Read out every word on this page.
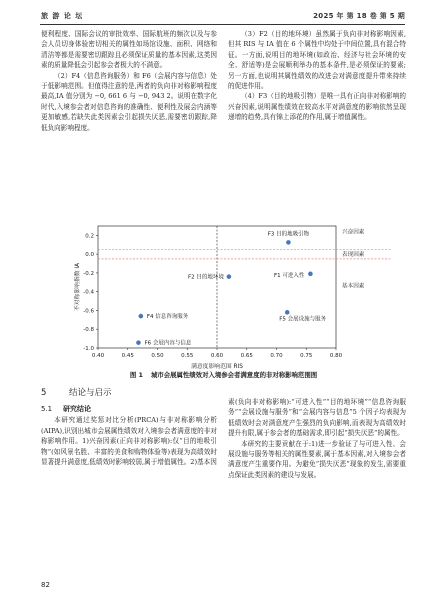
旅 游 论 坛	2025 年 第 18 卷 第 5 期

便利程度、国际会议的审批效率、国际航班的频次以及与参会人员切身体验密切相关的属性如场馆设施、面积、网络和清洁等都是需要密切跟踪且必须保证质量的基本因素,这类因素的质量降低会引起参会者极大的不满意。

（2）F4（信息咨询服务）和 F6（会展内容与信息）处于低影响范围。但值得注意的是,两者的负向非对称影响程度最高,IA 值分别为 −0, 661 6 与 −0, 943 2。说明在数字化时代,入境参会者对信息咨询的准确性、便利性及展会内涵等更加敏感,若缺失此类因素会引起损失厌恶,需要密切跟踪,降低负向影响程度。

（3）F2（目的地环境）虽然属于负向非对称影响因素,但其 RIS 与 IA 值在 6 个属性中均处于中间位置,具有混合特征。一方面,说明目的地环境(如政治、经济与社会环境的安全、舒适等)是会展顺利举办的基本条件,是必须保证的要素;另一方面,也说明其属性绩效的改进会对满意度提升带来持续的促进作用。

（4）F3（目的地吸引物）是唯一具有正向非对称影响的兴奋因素,说明属性绩效在较高水平对满意度的影响依然呈现递增的趋势,具有锦上添花的作用,属于增值属性。

兴奋因素
表现因素
基本因素
0.40	0.45	0.50	0.55	0.60	0.65	0.70	0.75	0.80
0.2
0.0
-0.2
-0.4
-0.6
-0.8
-1.0
满意度影响范围 RIS
不对称影响指数 IA	F1 可进入性
F2 目的地环境
F3 目的地吸引物
F4 信息咨询服务	F5 会展设施与服务
F6 会展内容与信息
图 1 城市会展属性绩效对入境参会者满意度的非对称影响范围图
5	结论与启示
5.1 研究结论

本研究通过奖惩对比分析(PRCA)与非对称影响分析(AIPA),识别出城市会展属性绩效对入境参会者满意度的非对称影响作用。1)兴奋因素(正向非对称影响):仅“目的地吸引物”(如风景名胜、丰富的美食和购物体验等)表现为高绩效时显著提升满意度,低绩效时影响较弱,属于增值属性。2)基本因

素(负向非对称影响):“可进入性”“目的地环境”“信息咨询服务”“会展设施与服务”和“会展内容与信息”5 个因子均表现为低绩效时会对满意度产生强烈的负向影响,而表现为高绩效时提升有限,属于参会者的基础需求,即引起“损失厌恶”的属性。

本研究的主要贡献在于:1)进一步验证了与可进入性、会展设施与服务等相关的属性要素,属于基本因素,对入境参会者满意度产生重要作用。为避免“损失厌恶”现象的发生,需要重点保证此类因素的建设与发展。

82
